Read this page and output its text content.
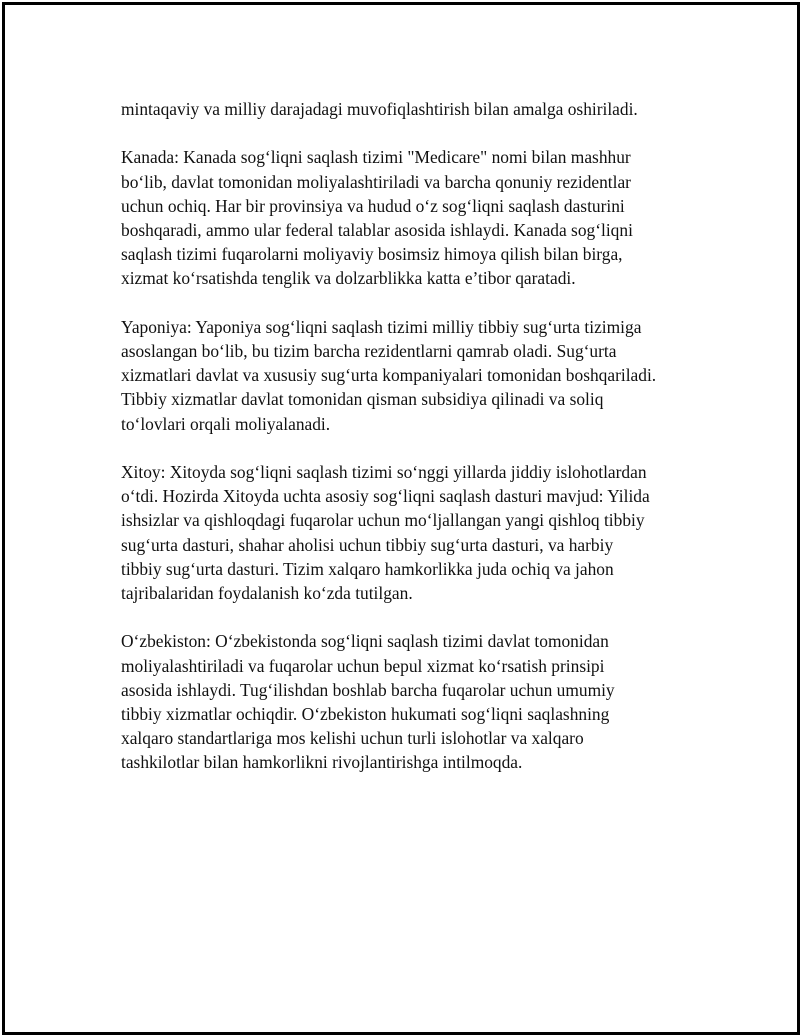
mintaqaviy va milliy darajadagi muvofiqlashtirish bilan amalga oshiriladi.

Kanada: Kanada sog‘liqni saqlash tizimi "Medicare" nomi bilan mashhur
bo‘lib, davlat tomonidan moliyalashtiriladi va barcha qonuniy rezidentlar
uchun ochiq. Har bir provinsiya va hudud o‘z sog‘liqni saqlash dasturini
boshqaradi, ammo ular federal talablar asosida ishlaydi. Kanada sog‘liqni
saqlash tizimi fuqarolarni moliyaviy bosimsiz himoya qilish bilan birga,
xizmat ko‘rsatishda tenglik va dolzarblikka katta e’tibor qaratadi.

Yaponiya: Yaponiya sog‘liqni saqlash tizimi milliy tibbiy sug‘urta tizimiga
asoslangan bo‘lib, bu tizim barcha rezidentlarni qamrab oladi. Sug‘urta
xizmatlari davlat va xususiy sug‘urta kompaniyalari tomonidan boshqariladi.
Tibbiy xizmatlar davlat tomonidan qisman subsidiya qilinadi va soliq
to‘lovlari orqali moliyalanadi.

Xitoy: Xitoyda sog‘liqni saqlash tizimi so‘nggi yillarda jiddiy islohotlardan
o‘tdi. Hozirda Xitoyda uchta asosiy sog‘liqni saqlash dasturi mavjud: Yilida
ishsizlar va qishloqdagi fuqarolar uchun mo‘ljallangan yangi qishloq tibbiy
sug‘urta dasturi, shahar aholisi uchun tibbiy sug‘urta dasturi, va harbiy
tibbiy sug‘urta dasturi. Tizim xalqaro hamkorlikka juda ochiq va jahon
tajribalaridan foydalanish ko‘zda tutilgan.

O‘zbekiston: O‘zbekistonda sog‘liqni saqlash tizimi davlat tomonidan
moliyalashtiriladi va fuqarolar uchun bepul xizmat ko‘rsatish prinsipi
asosida ishlaydi. Tug‘ilishdan boshlab barcha fuqarolar uchun umumiy
tibbiy xizmatlar ochiqdir. O‘zbekiston hukumati sog‘liqni saqlashning
xalqaro standartlariga mos kelishi uchun turli islohotlar va xalqaro
tashkilotlar bilan hamkorlikni rivojlantirishga intilmoqda.
